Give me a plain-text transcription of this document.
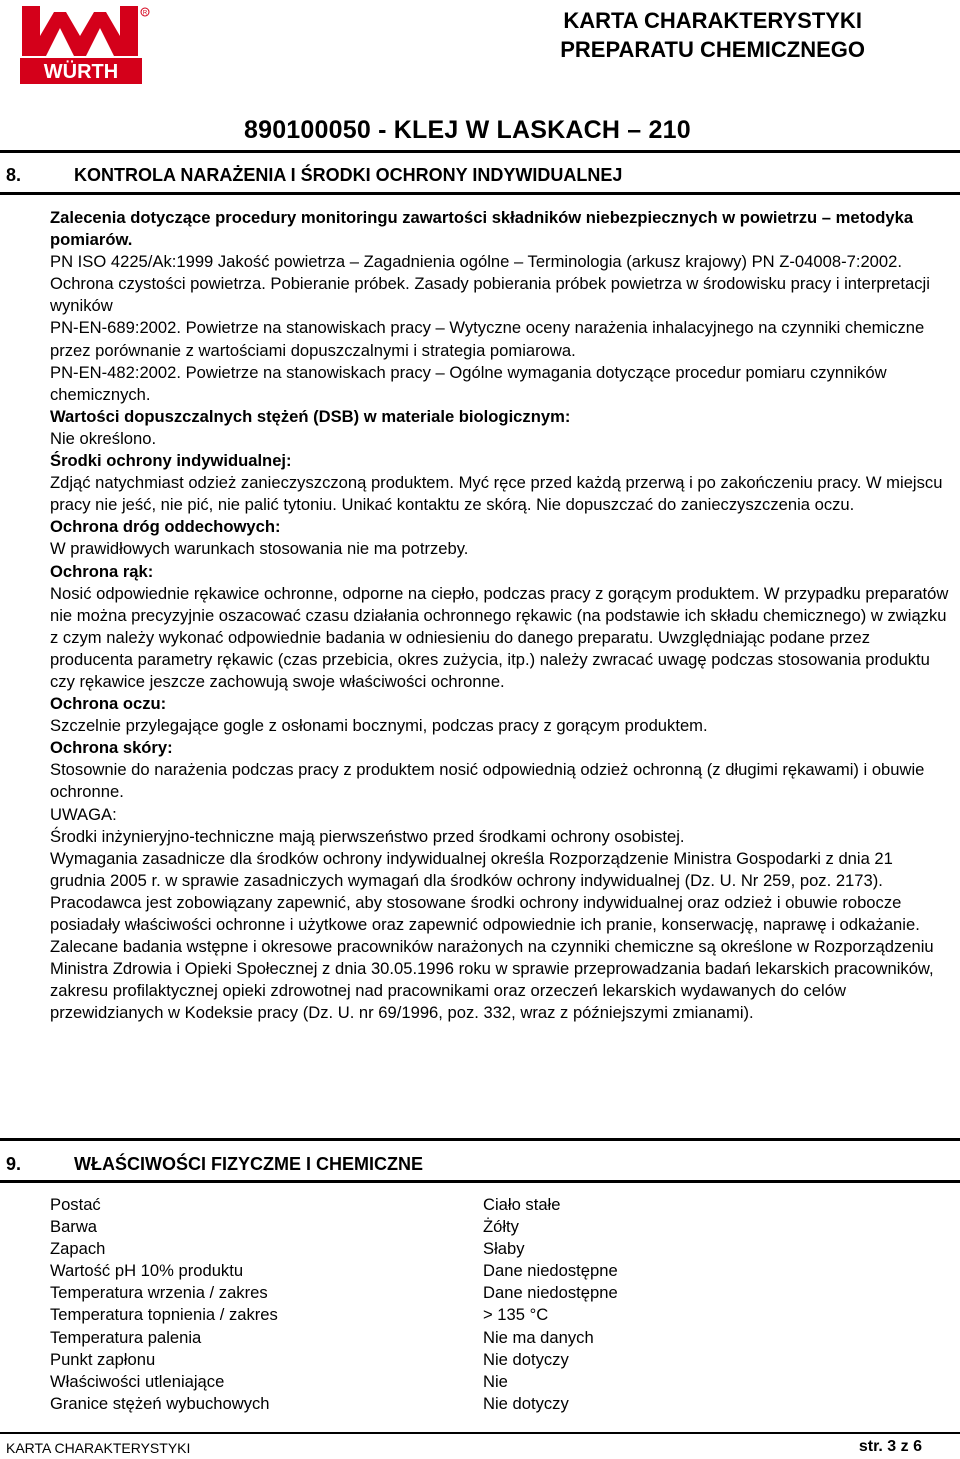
WÜRTH
R	KARTA CHARAKTERYSTYKI
PREPARATU CHEMICZNEGO
890100050 - KLEJ W LASKACH – 210
8.	KONTROLA NARAŻENIA I ŚRODKI OCHRONY INDYWIDUALNEJ

Zalecenia dotyczące procedury monitoringu zawartości składników niebezpiecznych w powietrzu – metodyka pomiarów.

PN ISO 4225/Ak:1999 Jakość powietrza – Zagadnienia ogólne – Terminologia (arkusz krajowy) PN Z-04008-7:2002. Ochrona czystości powietrza. Pobieranie próbek. Zasady pobierania próbek powietrza w środowisku pracy i interpretacji wyników

PN-EN-689:2002. Powietrze na stanowiskach pracy – Wytyczne oceny narażenia inhalacyjnego na czynniki chemiczne przez porównanie z wartościami dopuszczalnymi i strategia pomiarowa.

PN-EN-482:2002. Powietrze na stanowiskach pracy – Ogólne wymagania dotyczące procedur pomiaru czynników chemicznych.

Wartości dopuszczalnych stężeń (DSB) w materiale biologicznym:

Nie określono.

Środki ochrony indywidualnej:

Zdjąć natychmiast odzież zanieczyszczoną produktem. Myć ręce przed każdą przerwą i po zakończeniu pracy. W miejscu pracy nie jeść, nie pić, nie palić tytoniu. Unikać kontaktu ze skórą. Nie dopuszczać do zanieczyszczenia oczu.

Ochrona dróg oddechowych:

W prawidłowych warunkach stosowania nie ma potrzeby.

Ochrona rąk:

Nosić odpowiednie rękawice ochronne, odporne na ciepło, podczas pracy z gorącym produktem. W przypadku preparatów nie można precyzyjnie oszacować czasu działania ochronnego rękawic (na podstawie ich składu chemicznego) w związku z czym należy wykonać odpowiednie badania w odniesieniu do danego preparatu. Uwzględniając podane przez producenta parametry rękawic (czas przebicia, okres zużycia, itp.) należy zwracać uwagę podczas stosowania produktu czy rękawice jeszcze zachowują swoje właściwości ochronne.

Ochrona oczu:

Szczelnie przylegające gogle z osłonami bocznymi, podczas pracy z gorącym produktem.

Ochrona skóry:

Stosownie do narażenia podczas pracy z produktem nosić odpowiednią odzież ochronną (z długimi rękawami) i obuwie ochronne.

UWAGA:

Środki inżynieryjno-techniczne mają pierwszeństwo przed środkami ochrony osobistej.

Wymagania zasadnicze dla środków ochrony indywidualnej określa Rozporządzenie Ministra Gospodarki z dnia 21 grudnia 2005 r. w sprawie zasadniczych wymagań dla środków ochrony indywidualnej (Dz. U. Nr 259, poz. 2173). Pracodawca jest zobowiązany zapewnić, aby stosowane środki ochrony indywidualnej oraz odzież i obuwie robocze posiadały właściwości ochronne i użytkowe oraz zapewnić odpowiednie ich pranie, konserwację, naprawę i odkażanie.

Zalecane badania wstępne i okresowe pracowników narażonych na czynniki chemiczne są określone w Rozporządzeniu Ministra Zdrowia i Opieki Społecznej z dnia 30.05.1996 roku w sprawie przeprowadzania badań lekarskich pracowników, zakresu profilaktycznej opieki zdrowotnej nad pracownikami oraz orzeczeń lekarskich wydawanych do celów przewidzianych w Kodeksie pracy (Dz. U. nr 69/1996, poz. 332, wraz z późniejszymi zmianami).

9.	WŁAŚCIWOŚCI FIZYCZME I CHEMICZNE
Postać	Ciało stałe
Barwa	Żółty
Zapach	Słaby
Wartość pH 10% produktu	Dane niedostępne
Temperatura wrzenia / zakres	Dane niedostępne
Temperatura topnienia / zakres	> 135 °C
Temperatura palenia	Nie ma danych
Punkt zapłonu	Nie dotyczy
Właściwości utleniające	Nie
Granice stężeń wybuchowych	Nie dotyczy
KARTA CHARAKTERYSTYKI	str. 3 z 6
